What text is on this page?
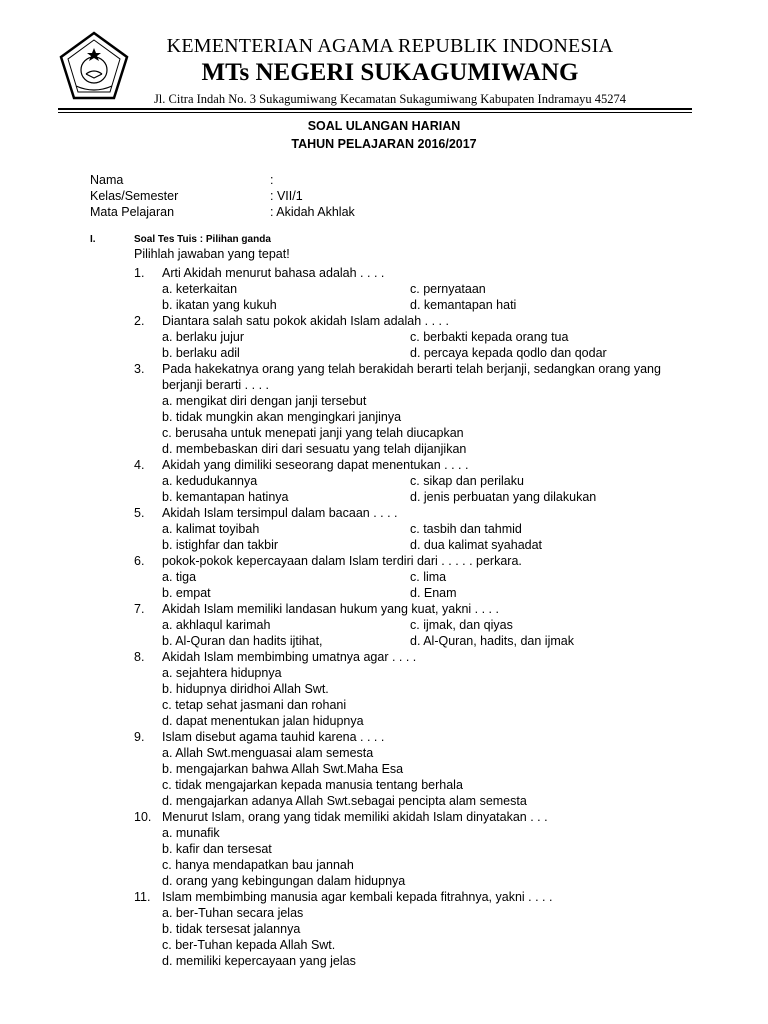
KEMENTERIAN AGAMA REPUBLIK INDONESIA
MTs NEGERI SUKAGUMIWANG
Jl. Citra Indah No. 3 Sukagumiwang Kecamatan Sukagumiwang Kabupaten Indramayu 45274
SOAL ULANGAN HARIAN
TAHUN PELAJARAN 2016/2017
Nama	:
Kelas/Semester	: VII/1
Mata Pelajaran	: Akidah Akhlak
I.	Soal Tes Tuis : Pilihan ganda
Pilihlah jawaban yang tepat!
1.	Arti Akidah menurut bahasa adalah . . . .
a. keterkaitan	c. pernyataan
b. ikatan yang kukuh	d. kemantapan hati
2.	Diantara salah satu pokok akidah Islam adalah . . . .
a. berlaku jujur	c. berbakti kepada orang tua
b. berlaku adil	d. percaya kepada qodlo dan qodar
3.	Pada hakekatnya orang yang telah berakidah berarti telah berjanji, sedangkan orang yang berjanji berarti . . . .
a. mengikat diri dengan janji tersebut
b. tidak mungkin akan mengingkari janjinya
c. berusaha untuk menepati janji yang telah diucapkan
d. membebaskan diri dari sesuatu yang telah dijanjikan
4.	Akidah yang dimiliki seseorang dapat menentukan . . . .
a. kedudukannya	c. sikap dan perilaku
b. kemantapan hatinya	d. jenis perbuatan yang dilakukan
5.	Akidah Islam tersimpul dalam bacaan . . . .
a. kalimat toyibah	c. tasbih dan tahmid
b. istighfar dan takbir	d. dua kalimat syahadat
6.	pokok-pokok kepercayaan dalam Islam terdiri dari . . . . . perkara.
a. tiga	c. lima
b. empat	d. Enam
7.	Akidah Islam memiliki landasan hukum yang kuat, yakni . . . .
a. akhlaqul karimah	c. ijmak, dan qiyas
b. Al-Quran dan hadits ijtihat,	d. Al-Quran, hadits, dan ijmak
8.	Akidah Islam membimbing umatnya agar . . . .
a. sejahtera hidupnya
b. hidupnya diridhoi Allah Swt.
c. tetap sehat jasmani dan rohani
d. dapat menentukan jalan hidupnya
9.	Islam disebut agama tauhid karena . . . .
a. Allah Swt.menguasai alam semesta
b. mengajarkan bahwa Allah Swt.Maha Esa
c. tidak mengajarkan kepada manusia tentang berhala
d. mengajarkan adanya Allah Swt.sebagai pencipta alam semesta
10. Menurut Islam, orang yang tidak memiliki akidah Islam dinyatakan . . .
a. munafik
b. kafir dan tersesat
c. hanya mendapatkan bau jannah
d. orang yang kebingungan dalam hidupnya
11. Islam membimbing manusia agar kembali kepada fitrahnya, yakni . . . .
a. ber-Tuhan secara jelas
b. tidak tersesat jalannya
c. ber-Tuhan kepada Allah Swt.
d. memiliki kepercayaan yang jelas
